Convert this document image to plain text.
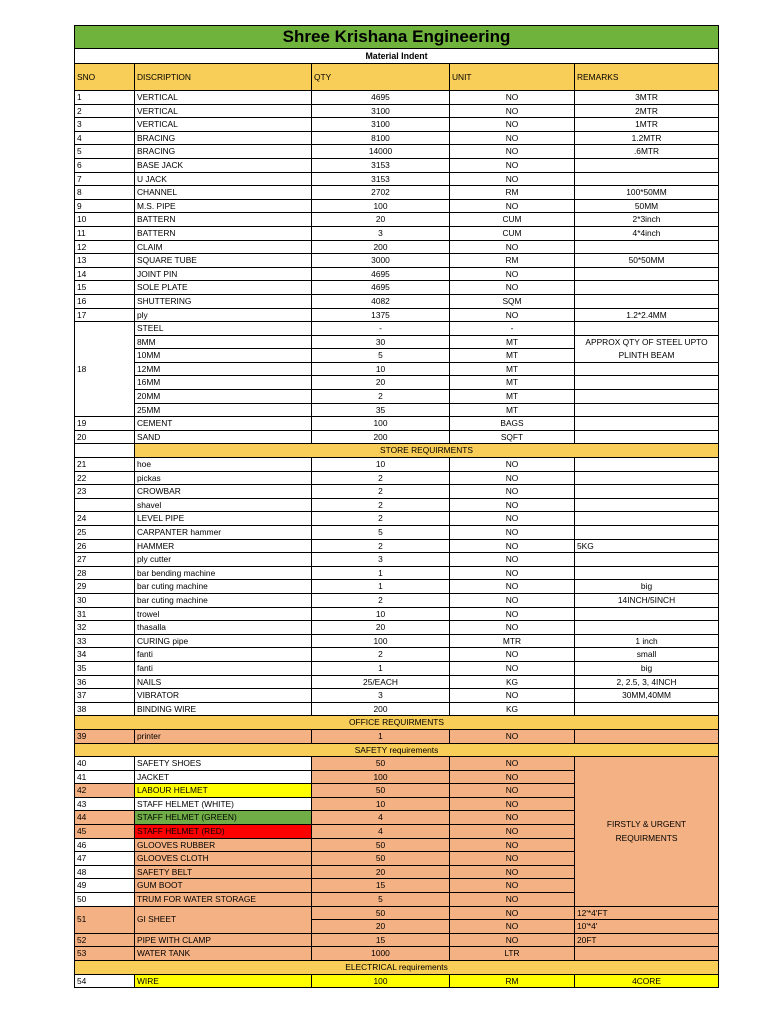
Shree Krishana Engineering				
Material Indent				
SNO	DISCRIPTION	QTY	UNIT	REMARKS
1	VERTICAL	4695	NO	3MTR
2	VERTICAL	3100	NO	2MTR
3	VERTICAL	3100	NO	1MTR
4	BRACING	8100	NO	1.2MTR
5	BRACING	14000	NO	.6MTR
6	BASE JACK	3153	NO	
7	U JACK	3153	NO	
8	CHANNEL	2702	RM	100*50MM
9	M.S. PIPE	100	NO	50MM
10	BATTERN	20	CUM	2*3inch
11	BATTERN	3	CUM	4*4inch
12	CLAIM	200	NO	
13	SQUARE TUBE	3000	RM	50*50MM
14	JOINT PIN	4695	NO	
15	SOLE PLATE	4695	NO	
16	SHUTTERING	4082	SQM	
17	ply	1375	NO	1.2*2.4MM
18	STEEL	-	-	
	8MM	30	MT	APPROX QTY OF STEEL UPTO PLINTH BEAM
	10MM	5	MT	
	12MM	10	MT	
	16MM	20	MT	
	20MM	2	MT	
	25MM	35	MT	
19	CEMENT	100	BAGS	
20	SAND	200	SQFT	
	STORE REQUIRMENTS			
21	hoe	10	NO	
22	pickas	2	NO	
23	CROWBAR	2	NO	
	shavel	2	NO	
24	LEVEL PIPE	2	NO	
25	CARPANTER hammer	5	NO	
26	HAMMER	2	NO	5KG
27	ply cutter	3	NO	
28	bar bending machine	1	NO	
29	bar cuting machine	1	NO	big
30	bar cuting machine	2	NO	14INCH/5INCH
31	trowel	10	NO	
32	thasalla	20	NO	
33	CURING pipe	100	MTR	1 inch
34	fanti	2	NO	small
35	fanti	1	NO	big
36	NAILS	25/EACH	KG	2, 2.5, 3, 4INCH
37	VIBRATOR	3	NO	30MM,40MM
38	BINDING WIRE	200	KG	
OFFICE REQUIRMENTS				
39	printer	1	NO	
SAFETY requirements				
40	SAFETY SHOES	50	NO	FIRSTLY & URGENT REQUIRMENTS
41	JACKET	100	NO	
42	LABOUR HELMET	50	NO	
43	STAFF HELMET (WHITE)	10	NO	
44	STAFF HELMET (GREEN)	4	NO	
45	STAFF HELMET (RED)	4	NO	
46	GLOOVES RUBBER	50	NO	
47	GLOOVES CLOTH	50	NO	
48	SAFETY BELT	20	NO	
49	GUM BOOT	15	NO	
50	TRUM FOR WATER STORAGE	5	NO	
51	GI SHEET	50	NO	12'*4'FT
		20	NO	10'*4'
52	PIPE WITH CLAMP	15	NO	20FT
53	WATER TANK	1000	LTR	
ELECTRICAL requirements				
54	WIRE	100	RM	4CORE
